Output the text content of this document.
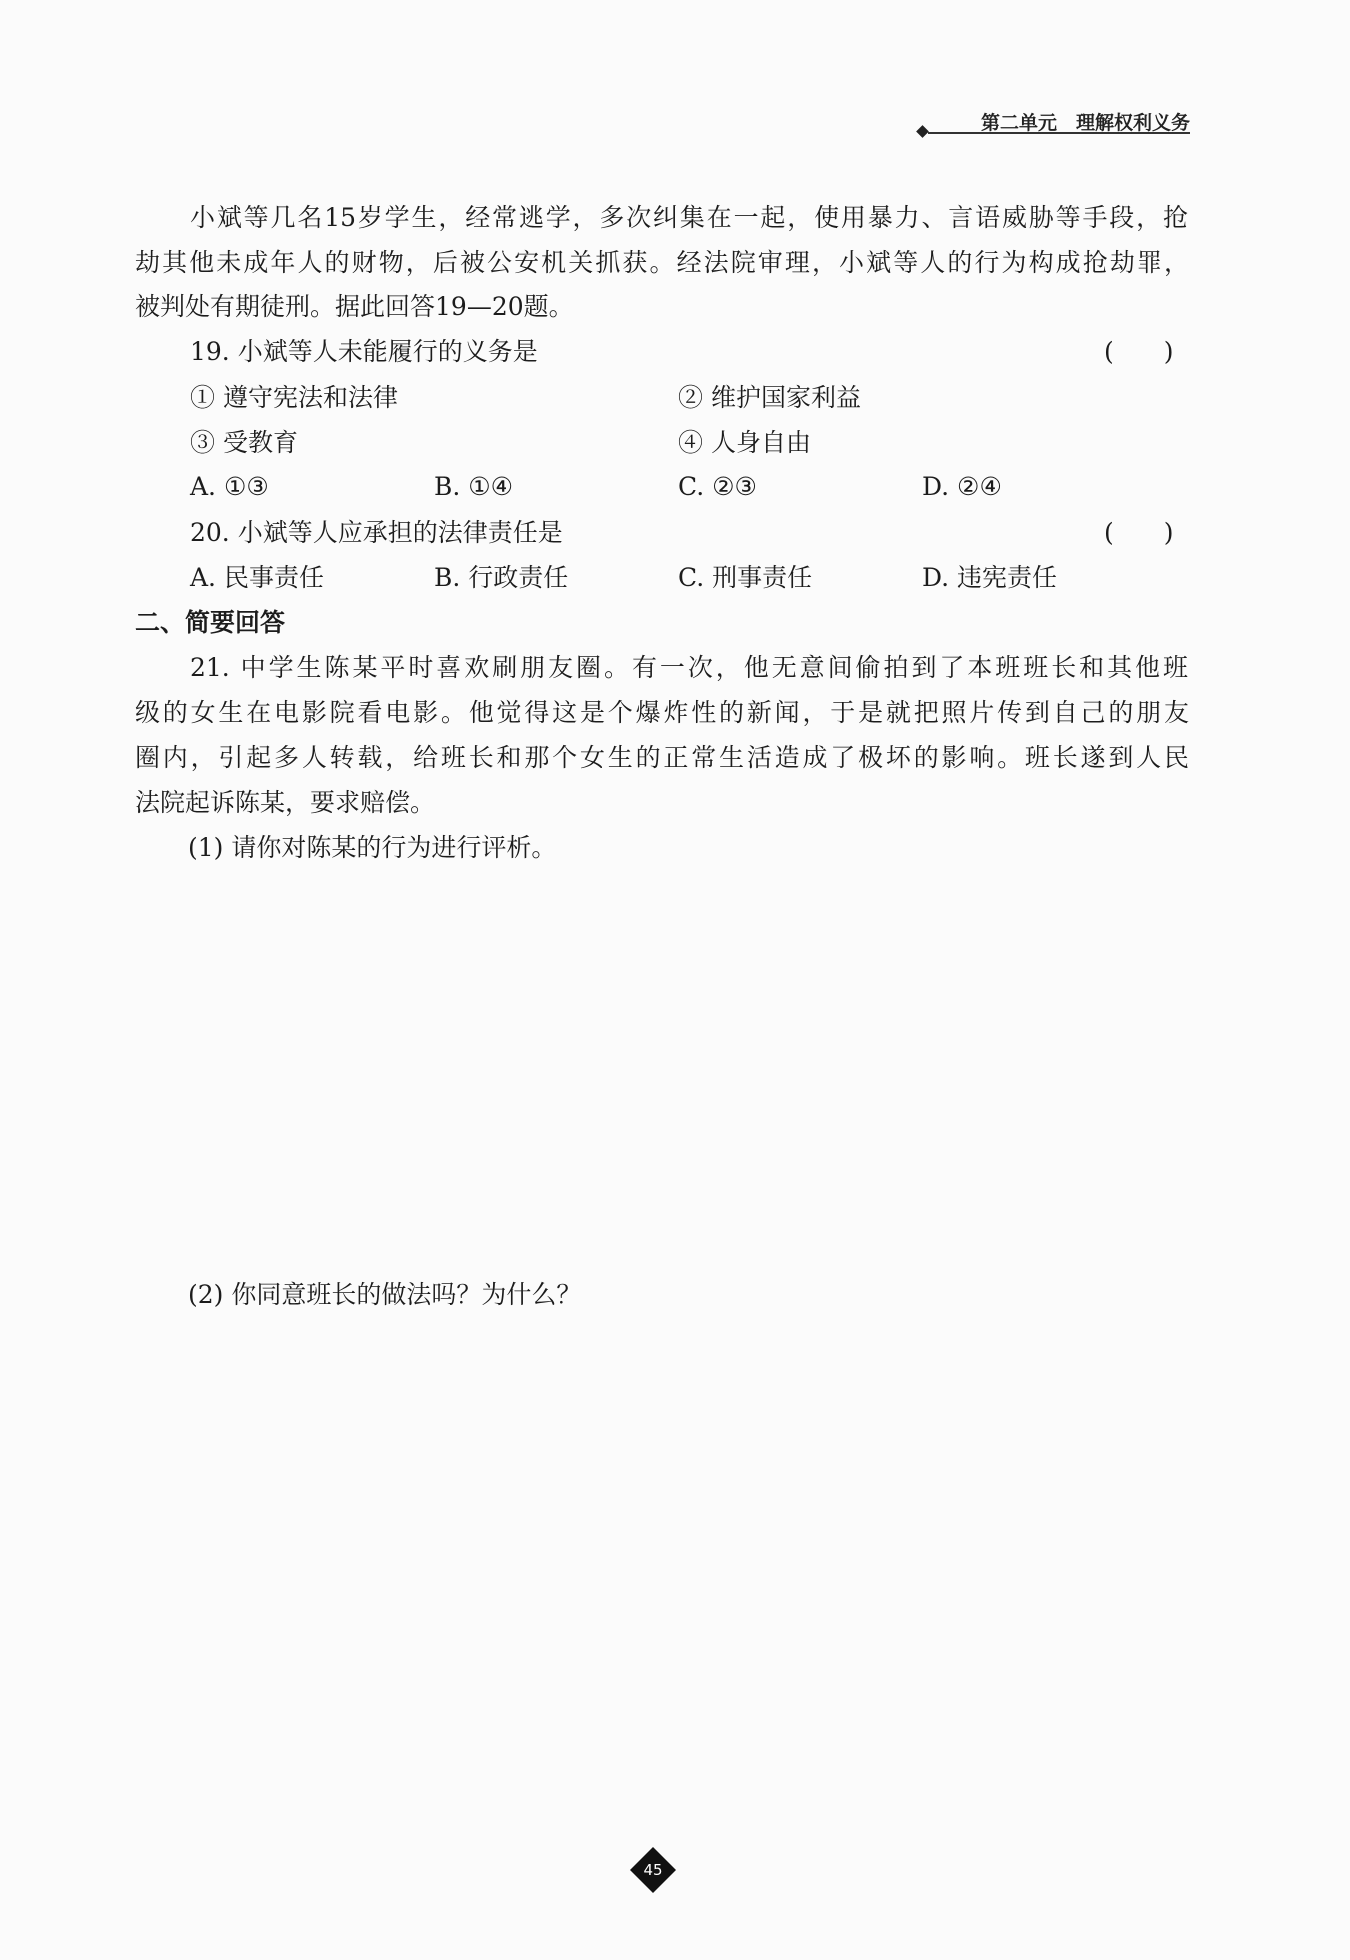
第二单元　理解权利义务
小斌等几名15岁学生，经常逃学，多次纠集在一起，使用暴力、言语威胁等手段，抢
劫其他未成年人的财物，后被公安机关抓获。经法院审理，小斌等人的行为构成抢劫罪，
被判处有期徒刑。据此回答19—20题。
19. 小斌等人未能履行的义务是	(　　)
① 遵守宪法和法律	② 维护国家利益
③ 受教育	④ 人身自由
A. ①③	B. ①④	C. ②③	D. ②④
20. 小斌等人应承担的法律责任是	(　　)
A. 民事责任	B. 行政责任	C. 刑事责任	D. 违宪责任
二、简要回答
21. 中学生陈某平时喜欢刷朋友圈。有一次，他无意间偷拍到了本班班长和其他班
级的女生在电影院看电影。他觉得这是个爆炸性的新闻，于是就把照片传到自己的朋友
圈内，引起多人转载，给班长和那个女生的正常生活造成了极坏的影响。班长遂到人民
法院起诉陈某，要求赔偿。
(1) 请你对陈某的行为进行评析。
(2) 你同意班长的做法吗？为什么？
45
